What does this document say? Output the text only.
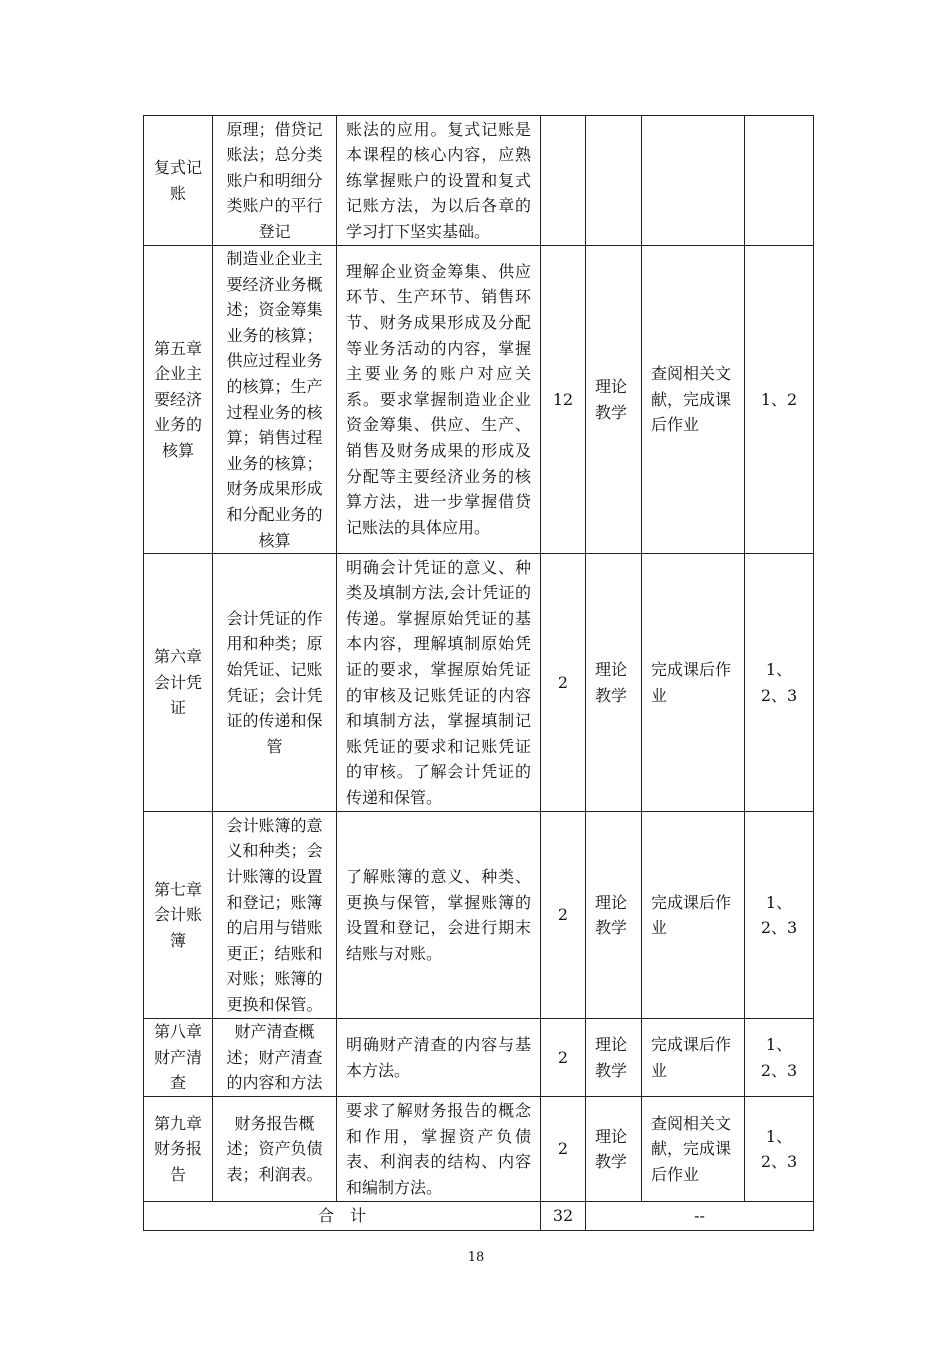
复式记账	原理；借贷记账法；总分类账户和明细分类账户的平行登记	账法的应用。复式记账是本课程的核心内容，应熟练掌握账户的设置和复式记账方法，为以后各章的学习打下坚实基础。				
第五章企业主要经济业务的核算	制造业企业主要经济业务概述；资金筹集业务的核算；供应过程业务的核算；生产过程业务的核算；销售过程业务的核算；财务成果形成和分配业务的核算	理解企业资金筹集、供应环节、生产环节、销售环节、财务成果形成及分配等业务活动的内容，掌握主要业务的账户对应关系。要求掌握制造业企业资金筹集、供应、生产、销售及财务成果的形成及分配等主要经济业务的核算方法，进一步掌握借贷记账法的具体应用。	12	理论教学	查阅相关文献，完成课后作业	1、2
第六章会计凭证	会计凭证的作用和种类；原始凭证、记账凭证；会计凭证的传递和保管	明确会计凭证的意义、种类及填制方法,会计凭证的传递。掌握原始凭证的基本内容，理解填制原始凭证的要求，掌握原始凭证的审核及记账凭证的内容和填制方法，掌握填制记账凭证的要求和记账凭证的审核。了解会计凭证的传递和保管。	2	理论教学	完成课后作业	1、2、3
第七章会计账簿	会计账簿的意义和种类；会计账簿的设置和登记；账簿的启用与错账更正；结账和对账；账簿的更换和保管。	了解账簿的意义、种类、更换与保管，掌握账簿的设置和登记，会进行期末结账与对账。	2	理论教学	完成课后作业	1、2、3
第八章财产清查	财产清查概述；财产清查的内容和方法	明确财产清查的内容与基本方法。	2	理论教学	完成课后作业	1、2、3
第九章财务报告	财务报告概述；资产负债表；利润表。	要求了解财务报告的概念和作用，掌握资产负债表、利润表的结构、内容和编制方法。	2	理论教学	查阅相关文献，完成课后作业	1、2、3
合　计			32	--		
18
